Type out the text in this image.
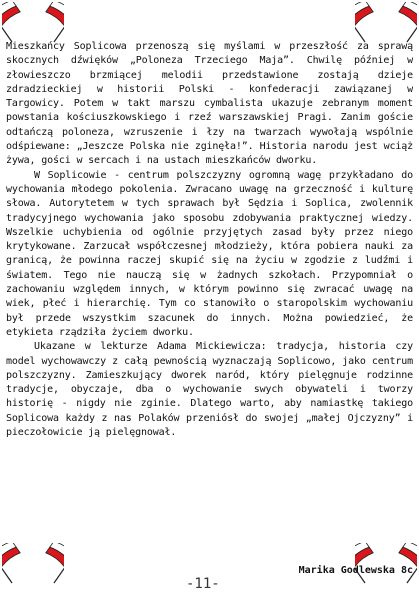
Mieszkańcy Soplicowa przenoszą się myślami w przeszłość za sprawą skocznych dźwięków „Poloneza Trzeciego Maja”. Chwilę później w złowieszczo brzmiącej melodii przedstawione zostają dzieje zdradzieckiej w historii Polski - konfederacji zawiązanej w Targowicy. Potem w takt marszu cymbalista ukazuje zebranym moment powstania kościuszkowskiego i rzeź warszawskiej Pragi. Zanim goście odtańczą poloneza, wzruszenie i łzy na twarzach wywołają wspólnie odśpiewane: „Jeszcze Polska nie zginęła!”. Historia narodu jest wciąż żywa, gości w sercach i na ustach mieszkańców dworku.

W Soplicowie - centrum polszczyzny ogromną wagę przykładano do wychowania młodego pokolenia. Zwracano uwagę na grzeczność i kulturę słowa. Autorytetem w tych sprawach był Sędzia i Soplica, zwolennik tradycyjnego wychowania jako sposobu zdobywania praktycznej wiedzy. Wszelkie uchybienia od ogólnie przyjętych zasad były przez niego krytykowane. Zarzucał współczesnej młodzieży, która pobiera nauki za granicą, że powinna raczej skupić się na życiu w zgodzie z ludźmi i światem. Tego nie nauczą się w żadnych szkołach. Przypomniał o zachowaniu względem innych, w którym powinno się zwracać uwagę na wiek, płeć i hierarchię. Tym co stanowiło o staropolskim wychowaniu był przede wszystkim szacunek do innych. Można powiedzieć, że etykieta rządziła życiem dworku.

Ukazane w lekturze Adama Mickiewicza: tradycja, historia czy model wychowawczy z całą pewnością wyznaczają Soplicowo, jako centrum polszczyzny. Zamieszkujący dworek naród, który pielęgnuje rodzinne tradycje, obyczaje, dba o wychowanie swych obywateli i tworzy historię - nigdy nie zginie. Dlatego warto, aby namiastkę takiego Soplicowa każdy z nas Polaków przeniósł do swojej „małej Ojczyzny” i pieczołowicie ją pielęgnował.

Marika Godlewska 8c
-11-
